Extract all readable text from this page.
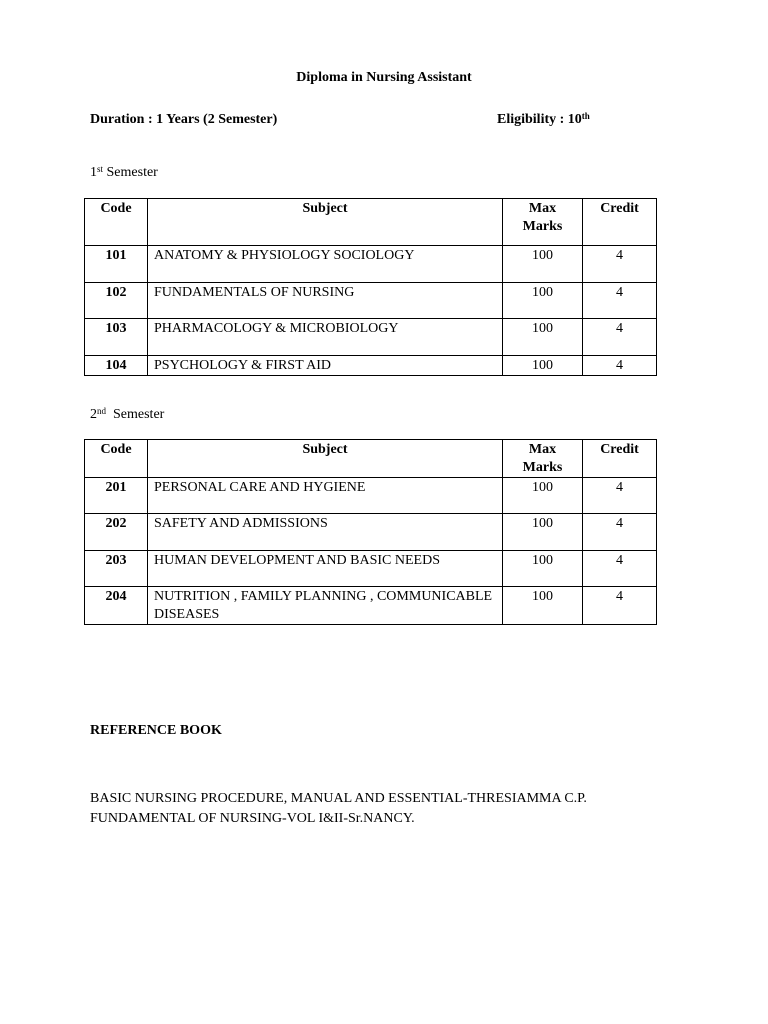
Diploma in Nursing Assistant
Duration : 1 Years (2 Semester)	Eligibility : 10th
1st Semester
Code	Subject	Max Marks	Credit
101	ANATOMY & PHYSIOLOGY SOCIOLOGY	100	4
102	FUNDAMENTALS OF NURSING	100	4
103	PHARMACOLOGY & MICROBIOLOGY	100	4
104	PSYCHOLOGY & FIRST AID	100	4
2nd  Semester
Code	Subject	Max Marks	Credit
201	PERSONAL CARE AND HYGIENE	100	4
202	SAFETY AND ADMISSIONS	100	4
203	HUMAN DEVELOPMENT AND BASIC NEEDS	100	4
204	NUTRITION , FAMILY PLANNING , COMMUNICABLE DISEASES	100	4
REFERENCE BOOK
BASIC NURSING PROCEDURE, MANUAL AND ESSENTIAL-THRESIAMMA C.P.
FUNDAMENTAL OF NURSING-VOL I&II-Sr.NANCY.
